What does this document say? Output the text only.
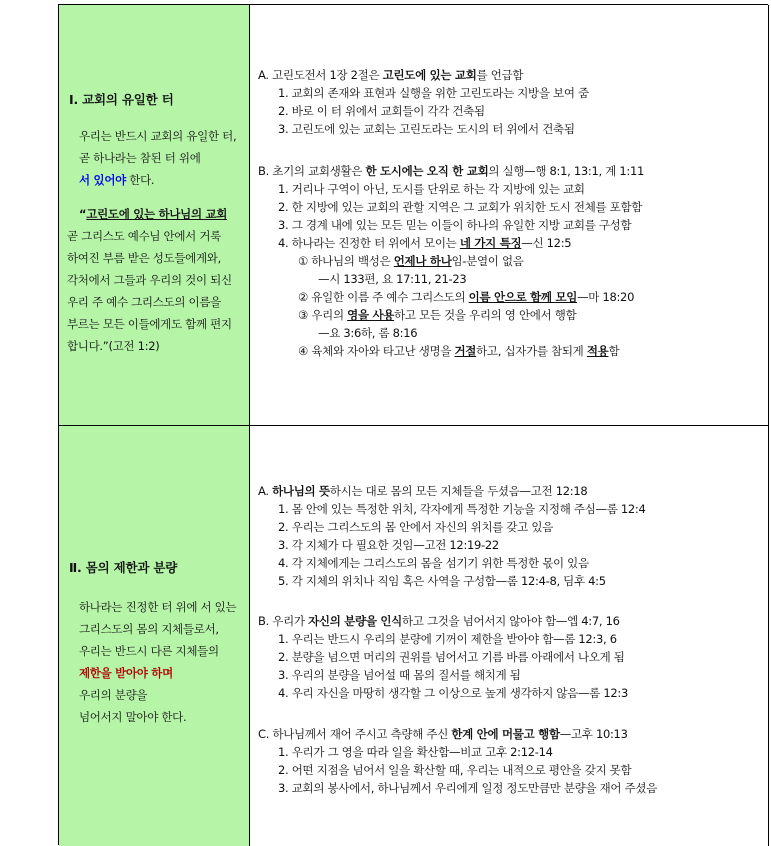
Ⅰ. 교회의 유일한 터
우리는 반드시 교회의 유일한 터,
곧 하나라는 참된 터 위에
서 있어야 한다.
“고린도에 있는 하나님의 교회
곧 그리스도 예수님 안에서 거룩
하여진 부름 받은 성도들에게와,
각처에서 그들과 우리의 것이 되신
우리 주 예수 그리스도의 이름을
부르는 모든 이들에게도 함께 편지
합니다.”(고전 1:2)
A. 고린도전서 1장 2절은 고린도에 있는 교회를 언급함
1. 교회의 존재와 표현과 실행을 위한 고린도라는 지방을 보여 줌
2. 바로 이 터 위에서 교회들이 각각 건축됨
3. 고린도에 있는 교회는 고린도라는 도시의 터 위에서 건축됨
B. 초기의 교회생활은 한 도시에는 오직 한 교회의 실행—행 8:1, 13:1, 계 1:11
1. 거리나 구역이 아닌, 도시를 단위로 하는 각 지방에 있는 교회
2. 한 지방에 있는 교회의 관할 지역은 그 교회가 위치한 도시 전체를 포함함
3. 그 경계 내에 있는 모든 믿는 이들이 하나의 유일한 지방 교회를 구성함
4. 하나라는 진정한 터 위에서 모이는 네 가지 특징—신 12:5
① 하나님의 백성은 언제나 하나임-분열이 없음
—시 133편, 요 17:11, 21-23
② 유일한 이름 주 예수 그리스도의 이름 안으로 함께 모임—마 18:20
③ 우리의 영을 사용하고 모든 것을 우리의 영 안에서 행함
—요 3:6하, 롬 8:16
④ 육체와 자아와 타고난 생명을 거절하고, 십자가를 참되게 적용함
Ⅱ. 몸의 제한과 분량
하나라는 진정한 터 위에 서 있는
그리스도의 몸의 지체들로서,
우리는 반드시 다른 지체들의
제한을 받아야 하며
우리의 분량을
넘어서지 말아야 한다.
A. 하나님의 뜻하시는 대로 몸의 모든 지체들을 두셨음—고전 12:18
1. 몸 안에 있는 특정한 위치, 각자에게 특정한 기능을 지정해 주심—롬 12:4
2. 우리는 그리스도의 몸 안에서 자신의 위치를 갖고 있음
3. 각 지체가 다 필요한 것임—고전 12:19-22
4. 각 지체에게는 그리스도의 몸을 섬기기 위한 특정한 몫이 있음
5. 각 지체의 위치나 직임 혹은 사역을 구성함—롬 12:4-8, 딤후 4:5
B. 우리가 자신의 분량을 인식하고 그것을 넘어서지 않아야 함—엡 4:7, 16
1. 우리는 반드시 우리의 분량에 기꺼이 제한을 받아야 함—롬 12:3, 6
2. 분량을 넘으면 머리의 권위를 넘어서고 기름 바름 아래에서 나오게 됨
3. 우리의 분량을 넘어설 때 몸의 질서를 해치게 됨
4. 우리 자신을 마땅히 생각할 그 이상으로 높게 생각하지 않음—롬 12:3
C. 하나님께서 재어 주시고 측량해 주신 한계 안에 머물고 행함—고후 10:13
1. 우리가 그 영을 따라 일을 확산함—비교 고후 2:12-14
2. 어떤 지점을 넘어서 일을 확산할 때, 우리는 내적으로 평안을 갖지 못함
3. 교회의 봉사에서, 하나님께서 우리에게 일정 정도만큼만 분량을 재어 주셨음
